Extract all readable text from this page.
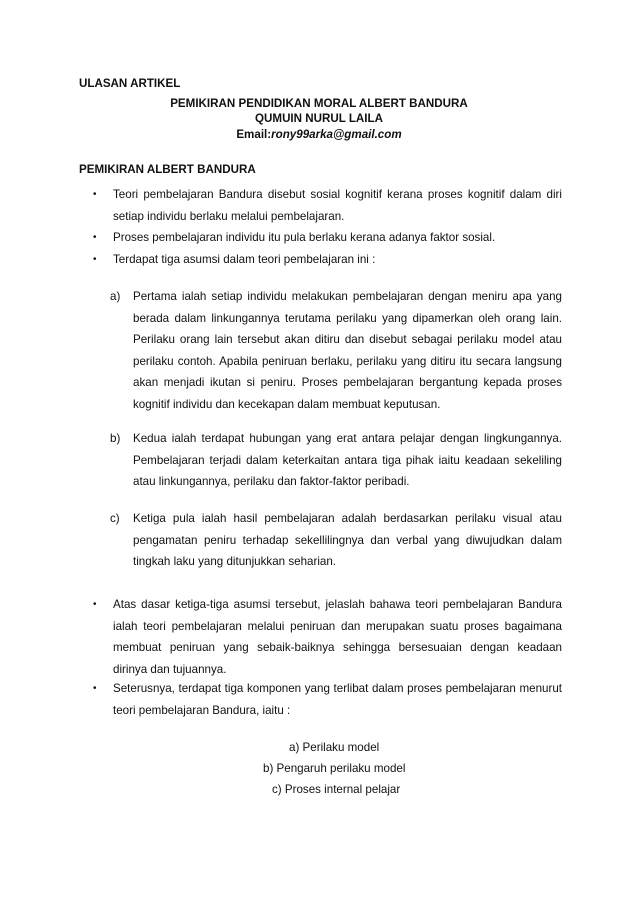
ULASAN ARTIKEL
PEMIKIRAN PENDIDIKAN MORAL ALBERT BANDURA
QUMUIN NURUL LAILA
Email:rony99arka@gmail.com
PEMIKIRAN ALBERT BANDURA
• Teori pembelajaran Bandura disebut sosial kognitif kerana proses kognitif dalam diri setiap individu berlaku melalui pembelajaran.
• Proses pembelajaran individu itu pula berlaku kerana adanya faktor sosial.
• Terdapat tiga asumsi dalam teori pembelajaran ini :
a) Pertama ialah setiap individu melakukan pembelajaran dengan meniru apa yang berada dalam linkungannya terutama perilaku yang dipamerkan oleh orang lain. Perilaku orang lain tersebut akan ditiru dan disebut sebagai perilaku model atau perilaku contoh. Apabila peniruan berlaku, perilaku yang ditiru itu secara langsung akan menjadi ikutan si peniru. Proses pembelajaran bergantung kepada proses kognitif individu dan kecekapan dalam membuat keputusan.
b) Kedua ialah terdapat hubungan yang erat antara pelajar dengan lingkungannya. Pembelajaran terjadi dalam keterkaitan antara tiga pihak iaitu keadaan sekeliling atau linkungannya, perilaku dan faktor-faktor peribadi.
c) Ketiga pula ialah hasil pembelajaran adalah berdasarkan perilaku visual atau pengamatan peniru terhadap sekellilingnya dan verbal yang diwujudkan dalam tingkah laku yang ditunjukkan seharian.
• Atas dasar ketiga-tiga asumsi tersebut, jelaslah bahawa teori pembelajaran Bandura ialah teori pembelajaran melalui peniruan dan merupakan suatu proses bagaimana membuat peniruan yang sebaik-baiknya sehingga bersesuaian dengan keadaan dirinya dan tujuannya.
• Seterusnya, terdapat tiga komponen yang terlibat dalam proses pembelajaran menurut teori pembelajaran Bandura, iaitu :
a) Perilaku model
b) Pengaruh perilaku model
c) Proses internal pelajar
